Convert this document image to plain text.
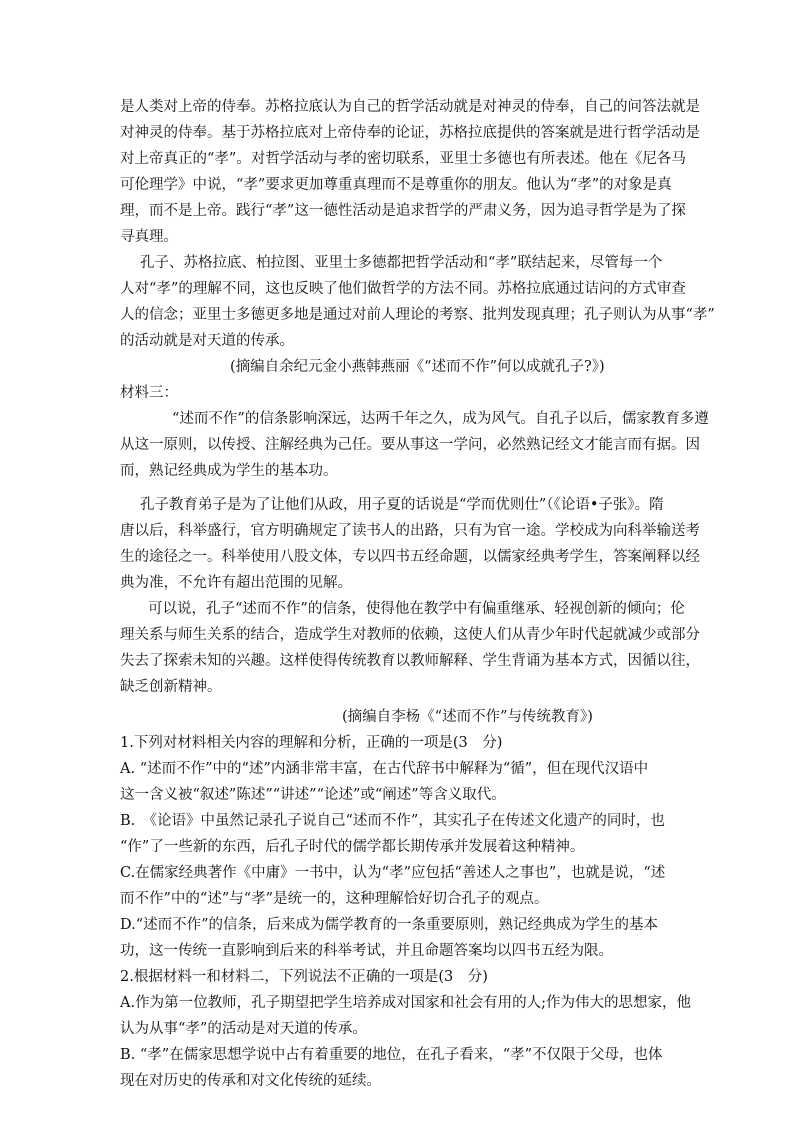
是人类对上帝的侍奉。苏格拉底认为自己的哲学活动就是对神灵的侍奉，自己的问答法就是

对神灵的侍奉。基于苏格拉底对上帝侍奉的论证，苏格拉底提供的答案就是进行哲学活动是

对上帝真正的“孝”。对哲学活动与孝的密切联系，亚里士多德也有所表述。他在《尼各马

可伦理学》中说，“孝”要求更加尊重真理而不是尊重你的朋友。他认为“孝”的对象是真

理，而不是上帝。践行“孝”这一德性活动是追求哲学的严肃义务，因为追寻哲学是为了探

寻真理。

孔子、苏格拉底、柏拉图、亚里士多德都把哲学活动和“孝”联结起来，尽管每一个

人对“孝”的理解不同，这也反映了他们做哲学的方法不同。苏格拉底通过诘问的方式审查

人的信念；亚里士多德更多地是通过对前人理论的考察、批判发现真理；孔子则认为从事“孝”

的活动就是对天道的传承。

(摘编自余纪元金小燕韩燕丽《“述而不作”何以成就孔子?》)

材料三：

“述而不作”的信条影响深远，达两千年之久，成为风气。自孔子以后，儒家教育多遵

从这一原则，以传授、注解经典为己任。要从事这一学问，必然熟记经文才能言而有据。因

而，熟记经典成为学生的基本功。

孔子教育弟子是为了让他们从政，用子夏的话说是“学而优则仕”（《论语•子张》。隋

唐以后，科举盛行，官方明确规定了读书人的出路，只有为官一途。学校成为向科举输送考

生的途径之一。科举使用八股文体，专以四书五经命题，以儒家经典考学生，答案阐释以经

典为准，不允许有超出范围的见解。

可以说，孔子“述而不作”的信条，使得他在教学中有偏重继承、轻视创新的倾向；伦

理关系与师生关系的结合，造成学生对教师的依赖，这使人们从青少年时代起就减少或部分

失去了探索未知的兴趣。这样使得传统教育以教师解释、学生背诵为基本方式，因循以往，

缺乏创新精神。

(摘编自李杨《“述而不作”与传统教育》)

1.下列对材料相关内容的理解和分析，正确的一项是(3　分)

A. “述而不作”中的“述”内涵非常丰富，在古代辞书中解释为“循”，但在现代汉语中

这一含义被“叙述”陈述”“讲述”“论述”或“阐述”等含义取代。

B.　《论语》中虽然记录孔子说自己“述而不作”，其实孔子在传述文化遗产的同时，也

“作”了一些新的东西，后孔子时代的儒学都长期传承并发展着这种精神。

C.在儒家经典著作《中庸》一书中，认为“孝”应包括“善述人之事也”，也就是说，“述

而不作”中的“述”与“孝”是统一的，这种理解恰好切合孔子的观点。

D.“述而不作”的信条，后来成为儒学教育的一条重要原则，熟记经典成为学生的基本

功，这一传统一直影响到后来的科举考试，并且命题答案均以四书五经为限。

2.根据材料一和材料二，下列说法不正确的一项是(3　分)

A.作为第一位教师，孔子期望把学生培养成对国家和社会有用的人;作为伟大的思想家，他

认为从事“孝”的活动是对天道的传承。

B. “孝”在儒家思想学说中占有着重要的地位，在孔子看来，“孝”不仅限于父母，也体

现在对历史的传承和对文化传统的延续。
